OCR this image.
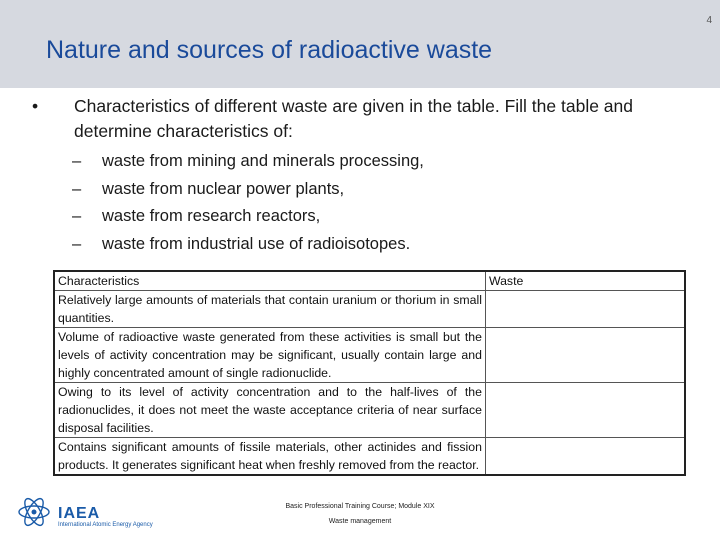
4
Nature and sources of radioactive waste
• Characteristics of different waste are given in the table. Fill the table and determine characteristics of:
– waste from mining and minerals processing,
– waste from nuclear power plants,
– waste from research reactors,
– waste from industrial use of radioisotopes.
Characteristics	Waste
Relatively large amounts of materials that contain uranium or thorium in small quantities.	
Volume of radioactive waste generated from these activities is small but the levels of activity concentration may be significant, usually contain large and highly concentrated amount of single radionuclide.	
Owing to its level of activity concentration and to the half-lives of the radionuclides, it does not meet the waste acceptance criteria of near surface disposal facilities.	
Contains significant amounts of fissile materials, other actinides and fission products. It generates significant heat when freshly removed from the reactor.	
IAEA
International Atomic Energy Agency
Basic Professional Training Course; Module XIX
Waste management
